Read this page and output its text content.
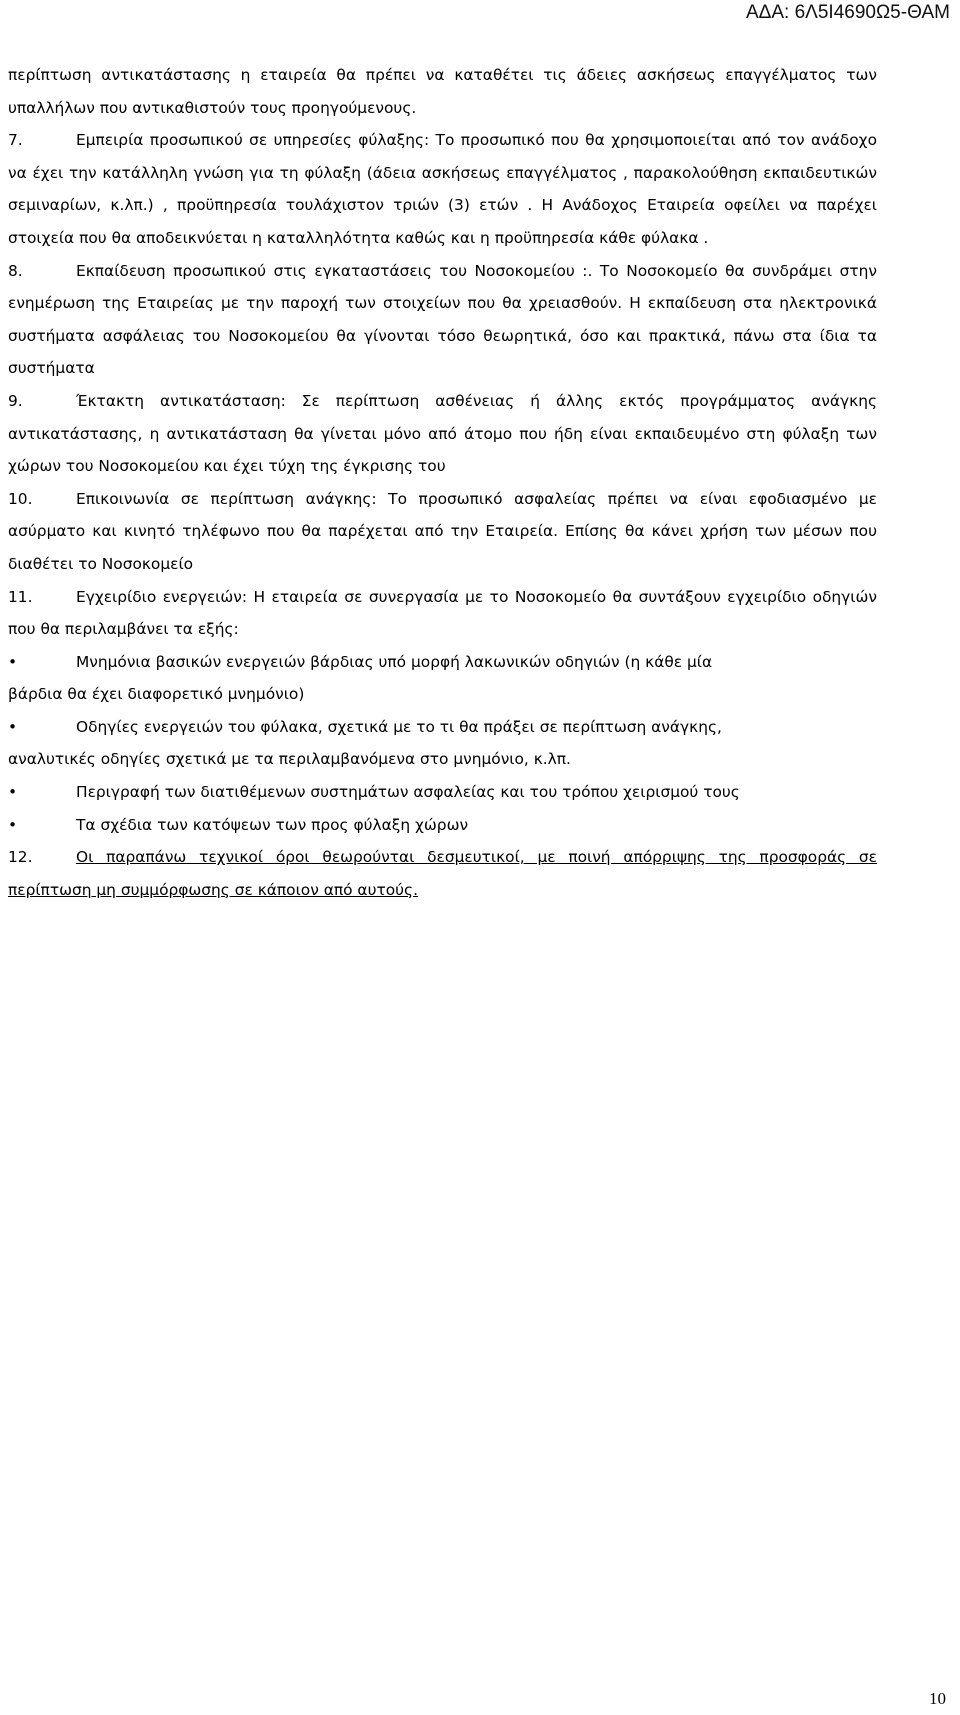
ΑΔΑ: 6Λ5Ι4690Ω5-ΘΑΜ

περίπτωση αντικατάστασης η εταιρεία θα πρέπει να καταθέτει τις άδειες ασκήσεως επαγγέλματος των υπαλλήλων που αντικαθιστούν τους προηγούμενους.

7.	Εμπειρία προσωπικού σε υπηρεσίες φύλαξης: Το προσωπικό που θα χρησιμοποιείται από τον ανάδοχο να έχει την κατάλληλη γνώση για τη φύλαξη (άδεια ασκήσεως επαγγέλματος , παρακολούθηση εκπαιδευτικών σεμιναρίων, κ.λπ.) , προϋπηρεσία τουλάχιστον τριών (3) ετών . Η Ανάδοχος Εταιρεία οφείλει να παρέχει στοιχεία που θα αποδεικνύεται η καταλληλότητα καθώς και η προϋπηρεσία κάθε φύλακα .

8.	Εκπαίδευση προσωπικού στις εγκαταστάσεις του Νοσοκομείου :. Το Νοσοκομείο θα συνδράμει στην ενημέρωση της Εταιρείας με την παροχή των στοιχείων που θα χρειασθούν. Η εκπαίδευση στα ηλεκτρονικά συστήματα ασφάλειας του Νοσοκομείου θα γίνονται τόσο θεωρητικά, όσο και πρακτικά, πάνω στα ίδια τα συστήματα

9.	Έκτακτη αντικατάσταση: Σε περίπτωση ασθένειας ή άλλης εκτός προγράμματος ανάγκης αντικατάστασης, η αντικατάσταση θα γίνεται μόνο από άτομο που ήδη είναι εκπαιδευμένο στη φύλαξη των χώρων του Νοσοκομείου και έχει τύχη της έγκρισης του

10.	Επικοινωνία σε περίπτωση ανάγκης: Το προσωπικό ασφαλείας πρέπει να είναι εφοδιασμένο με ασύρματο και κινητό τηλέφωνο που θα παρέχεται από την Εταιρεία. Επίσης θα κάνει χρήση των μέσων που διαθέτει το Νοσοκομείο

11.	Εγχειρίδιο ενεργειών: Η εταιρεία σε συνεργασία με το Νοσοκομείο θα συντάξουν εγχειρίδιο οδηγιών που θα περιλαμβάνει τα εξής:

•
Μνημόνια βασικών ενεργειών βάρδιας υπό μορφή λακωνικών οδηγιών (η κάθε μία

βάρδια θα έχει διαφορετικό μνημόνιο)

•
Οδηγίες ενεργειών του φύλακα, σχετικά με το τι θα πράξει σε περίπτωση ανάγκης,

αναλυτικές οδηγίες σχετικά με τα περιλαμβανόμενα στο μνημόνιο, κ.λπ.

•
Περιγραφή των διατιθέμενων συστημάτων ασφαλείας και του τρόπου χειρισμού τους
•
Τα σχέδια των κατόψεων των προς φύλαξη χώρων

12.	Οι παραπάνω τεχνικοί όροι θεωρούνται δεσμευτικοί, με ποινή απόρριψης της προσφοράς σε περίπτωση μη συμμόρφωσης σε κάποιον από αυτούς.

10
